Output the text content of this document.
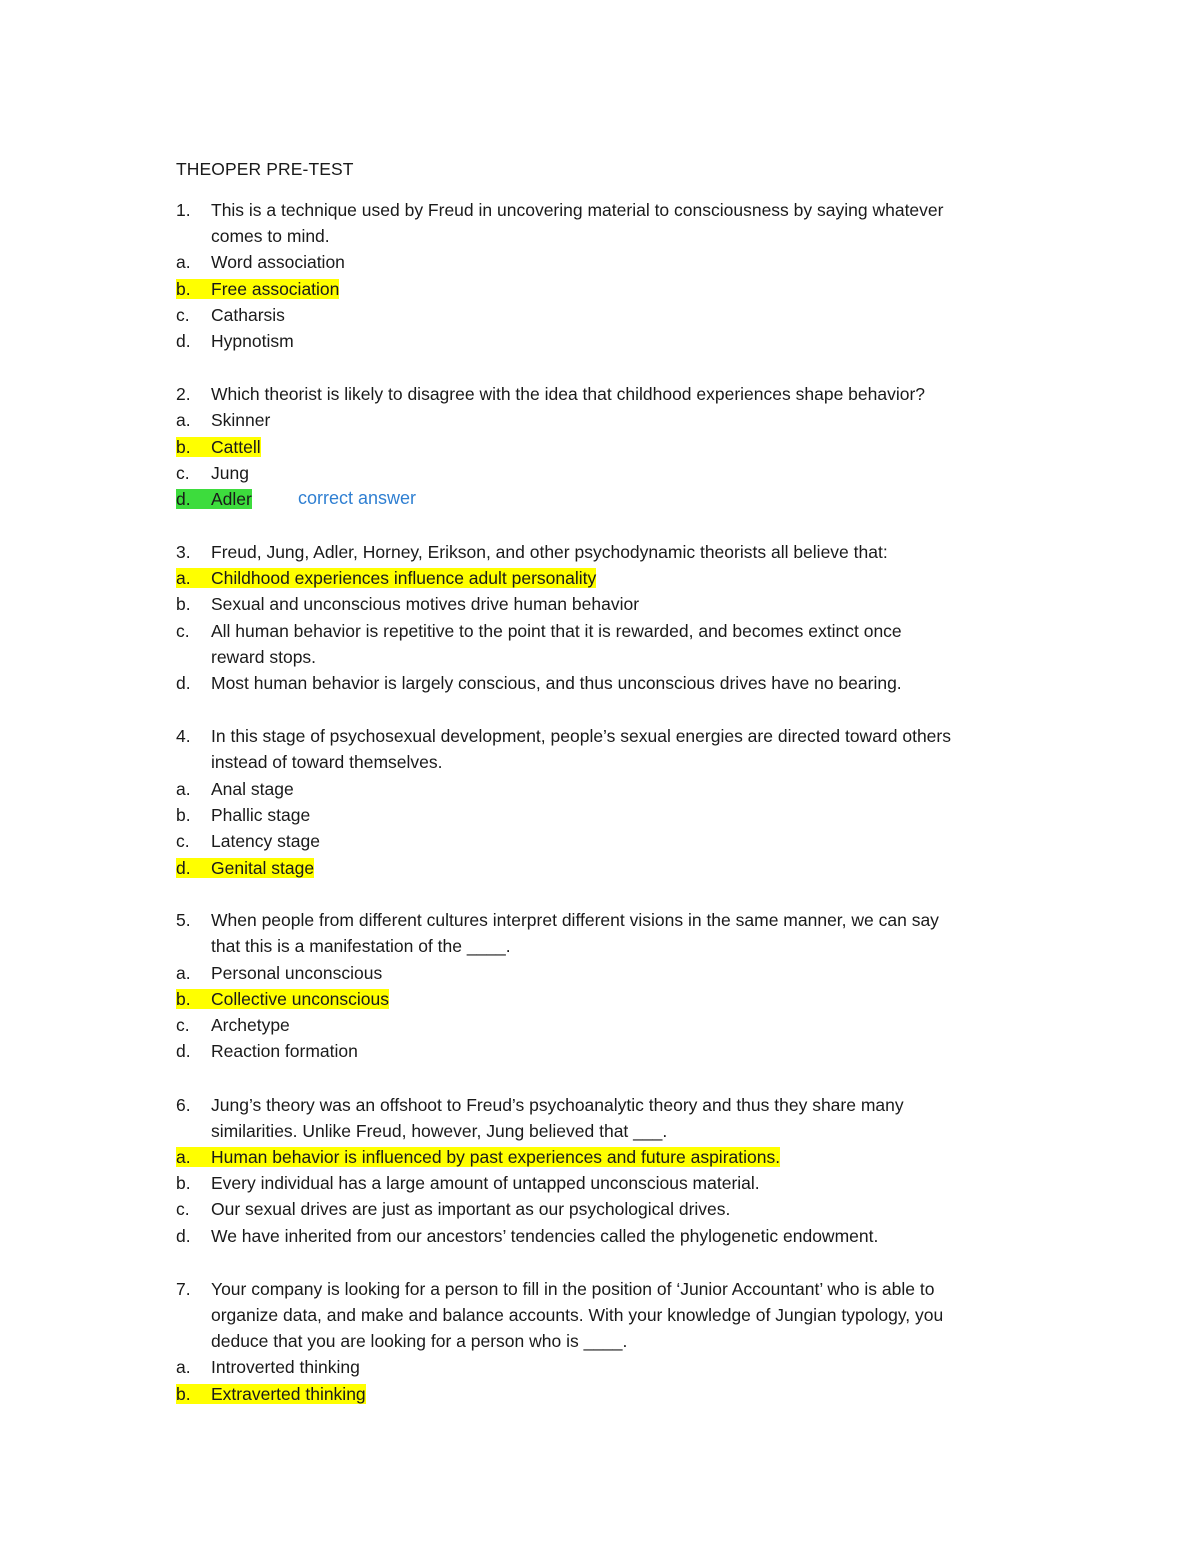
THEOPER PRE-TEST
1. This is a technique used by Freud in uncovering material to consciousness by saying whatever
comes to mind.
a. Word association
b. Free association
c. Catharsis
d. Hypnotism
2. Which theorist is likely to disagree with the idea that childhood experiences shape behavior?
a. Skinner
b. Cattell
c. Jung
d. Adler	correct answer
3. Freud, Jung, Adler, Horney, Erikson, and other psychodynamic theorists all believe that:
a. Childhood experiences influence adult personality
b. Sexual and unconscious motives drive human behavior
c. All human behavior is repetitive to the point that it is rewarded, and becomes extinct once
reward stops.
d. Most human behavior is largely conscious, and thus unconscious drives have no bearing.
4. In this stage of psychosexual development, people’s sexual energies are directed toward others
instead of toward themselves.
a. Anal stage
b. Phallic stage
c. Latency stage
d. Genital stage
5. When people from different cultures interpret different visions in the same manner, we can say
that this is a manifestation of the ____.
a. Personal unconscious
b. Collective unconscious
c. Archetype
d. Reaction formation
6. Jung’s theory was an offshoot to Freud’s psychoanalytic theory and thus they share many
similarities. Unlike Freud, however, Jung believed that ___.
a. Human behavior is influenced by past experiences and future aspirations.
b. Every individual has a large amount of untapped unconscious material.
c. Our sexual drives are just as important as our psychological drives.
d. We have inherited from our ancestors’ tendencies called the phylogenetic endowment.
7. Your company is looking for a person to fill in the position of ‘Junior Accountant’ who is able to
organize data, and make and balance accounts. With your knowledge of Jungian typology, you
deduce that you are looking for a person who is ____.
a. Introverted thinking
b. Extraverted thinking
